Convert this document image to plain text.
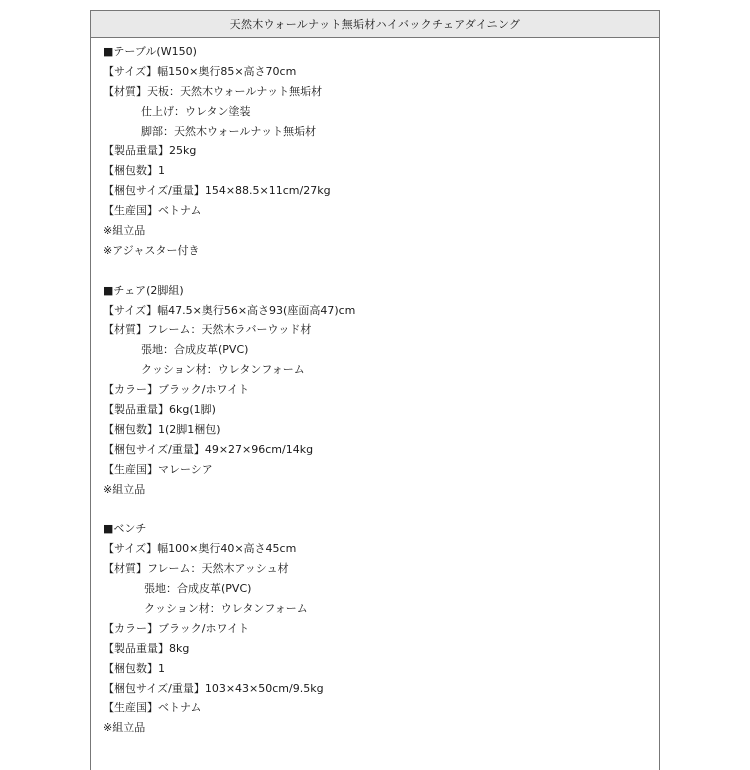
天然木ウォールナット無垢材ハイバックチェアダイニング
■テーブル(W150)
【サイズ】幅150×奥行85×高さ70cm
【材質】天板：天然木ウォールナット無垢材
仕上げ：ウレタン塗装
脚部：天然木ウォールナット無垢材
【製品重量】25kg
【梱包数】1
【梱包サイズ/重量】154×88.5×11cm/27kg
【生産国】ベトナム
※組立品
※アジャスター付き
■チェア(2脚組)
【サイズ】幅47.5×奥行56×高さ93(座面高47)cm
【材質】フレーム：天然木ラバーウッド材
張地：合成皮革(PVC)
クッション材：ウレタンフォーム
【カラー】ブラック/ホワイト
【製品重量】6kg(1脚)
【梱包数】1(2脚1梱包)
【梱包サイズ/重量】49×27×96cm/14kg
【生産国】マレーシア
※組立品
■ベンチ
【サイズ】幅100×奥行40×高さ45cm
【材質】フレーム：天然木アッシュ材
張地：合成皮革(PVC)
クッション材：ウレタンフォーム
【カラー】ブラック/ホワイト
【製品重量】8kg
【梱包数】1
【梱包サイズ/重量】103×43×50cm/9.5kg
【生産国】ベトナム
※組立品
